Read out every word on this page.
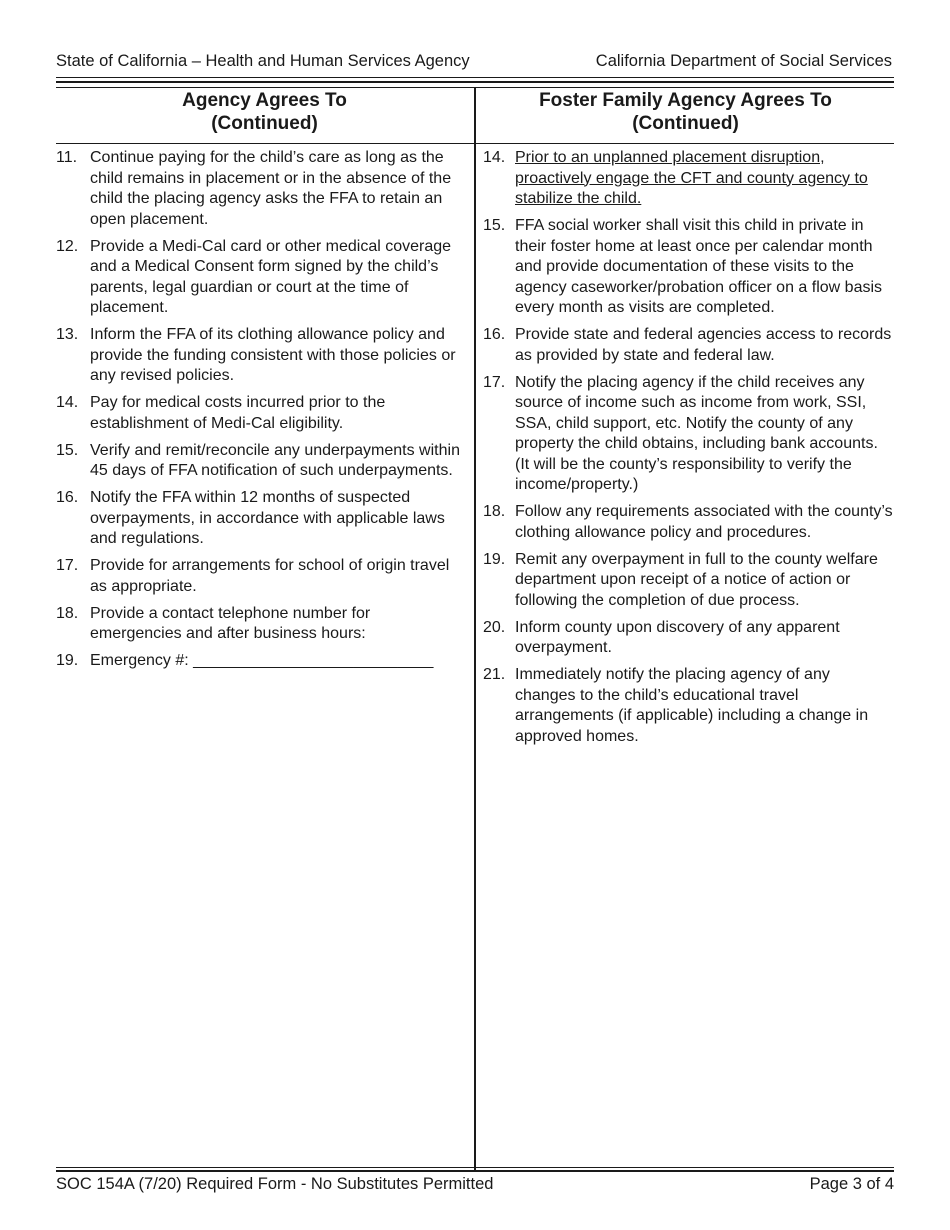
State of California – Health and Human Services Agency	California Department of Social Services
Agency Agrees To
(Continued)
Foster Family Agency Agrees To
(Continued)
11. Continue paying for the child’s care as long as the child remains in placement or in the absence of the child the placing agency asks the FFA to retain an open placement.
12. Provide a Medi-Cal card or other medical coverage and a Medical Consent form signed by the child’s parents, legal guardian or court at the time of placement.
13. Inform the FFA of its clothing allowance policy and provide the funding consistent with those policies or any revised policies.
14. Pay for medical costs incurred prior to the establishment of Medi-Cal eligibility.
15. Verify and remit/reconcile any underpayments within 45 days of FFA notification of such underpayments.
16. Notify the FFA within 12 months of suspected overpayments, in accordance with applicable laws and regulations.
17. Provide for arrangements for school of origin travel as appropriate.
18. Provide a contact telephone number for emergencies and after business hours:
19. Emergency #: ___________________________
14. Prior to an unplanned placement disruption, proactively engage the CFT and county agency to stabilize the child.
15. FFA social worker shall visit this child in private in their foster home at least once per calendar month and provide documentation of these visits to the agency caseworker/probation officer on a flow basis every month as visits are completed.
16. Provide state and federal agencies access to records as provided by state and federal law.
17. Notify the placing agency if the child receives any source of income such as income from work, SSI, SSA, child support, etc. Notify the county of any property the child obtains, including bank accounts. (It will be the county’s responsibility to verify the income/property.)
18. Follow any requirements associated with the county’s clothing allowance policy and procedures.
19. Remit any overpayment in full to the county welfare department upon receipt of a notice of action or following the completion of due process.
20. Inform county upon discovery of any apparent overpayment.
21. Immediately notify the placing agency of any changes to the child’s educational travel arrangements (if applicable) including a change in approved homes.
SOC 154A (7/20) Required Form - No Substitutes Permitted	Page 3 of 4
